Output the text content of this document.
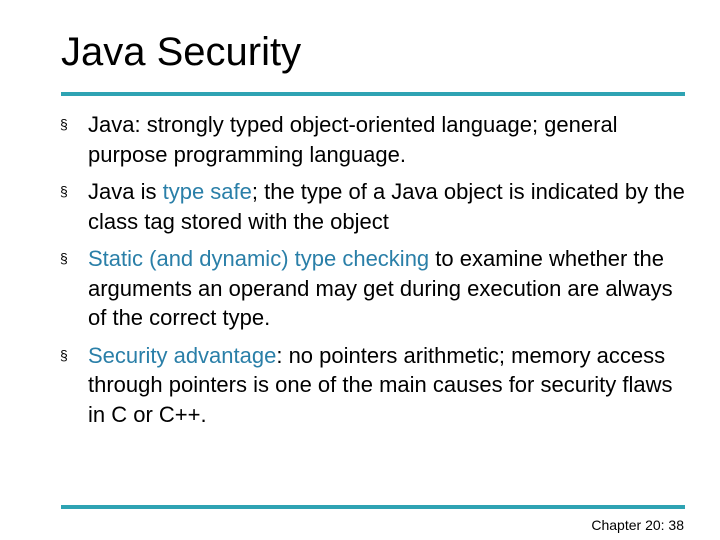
Java Security
§ Java: strongly typed object-oriented language; general purpose programming language.
§ Java is type safe; the type of a Java object is indicated by the class tag stored with the object
§ Static (and dynamic) type checking to examine whether the arguments an operand may get during execution are always of the correct type.
§ Security advantage: no pointers arithmetic; memory access through pointers is one of the main causes for security flaws in C or C++.
Chapter 20: 38
